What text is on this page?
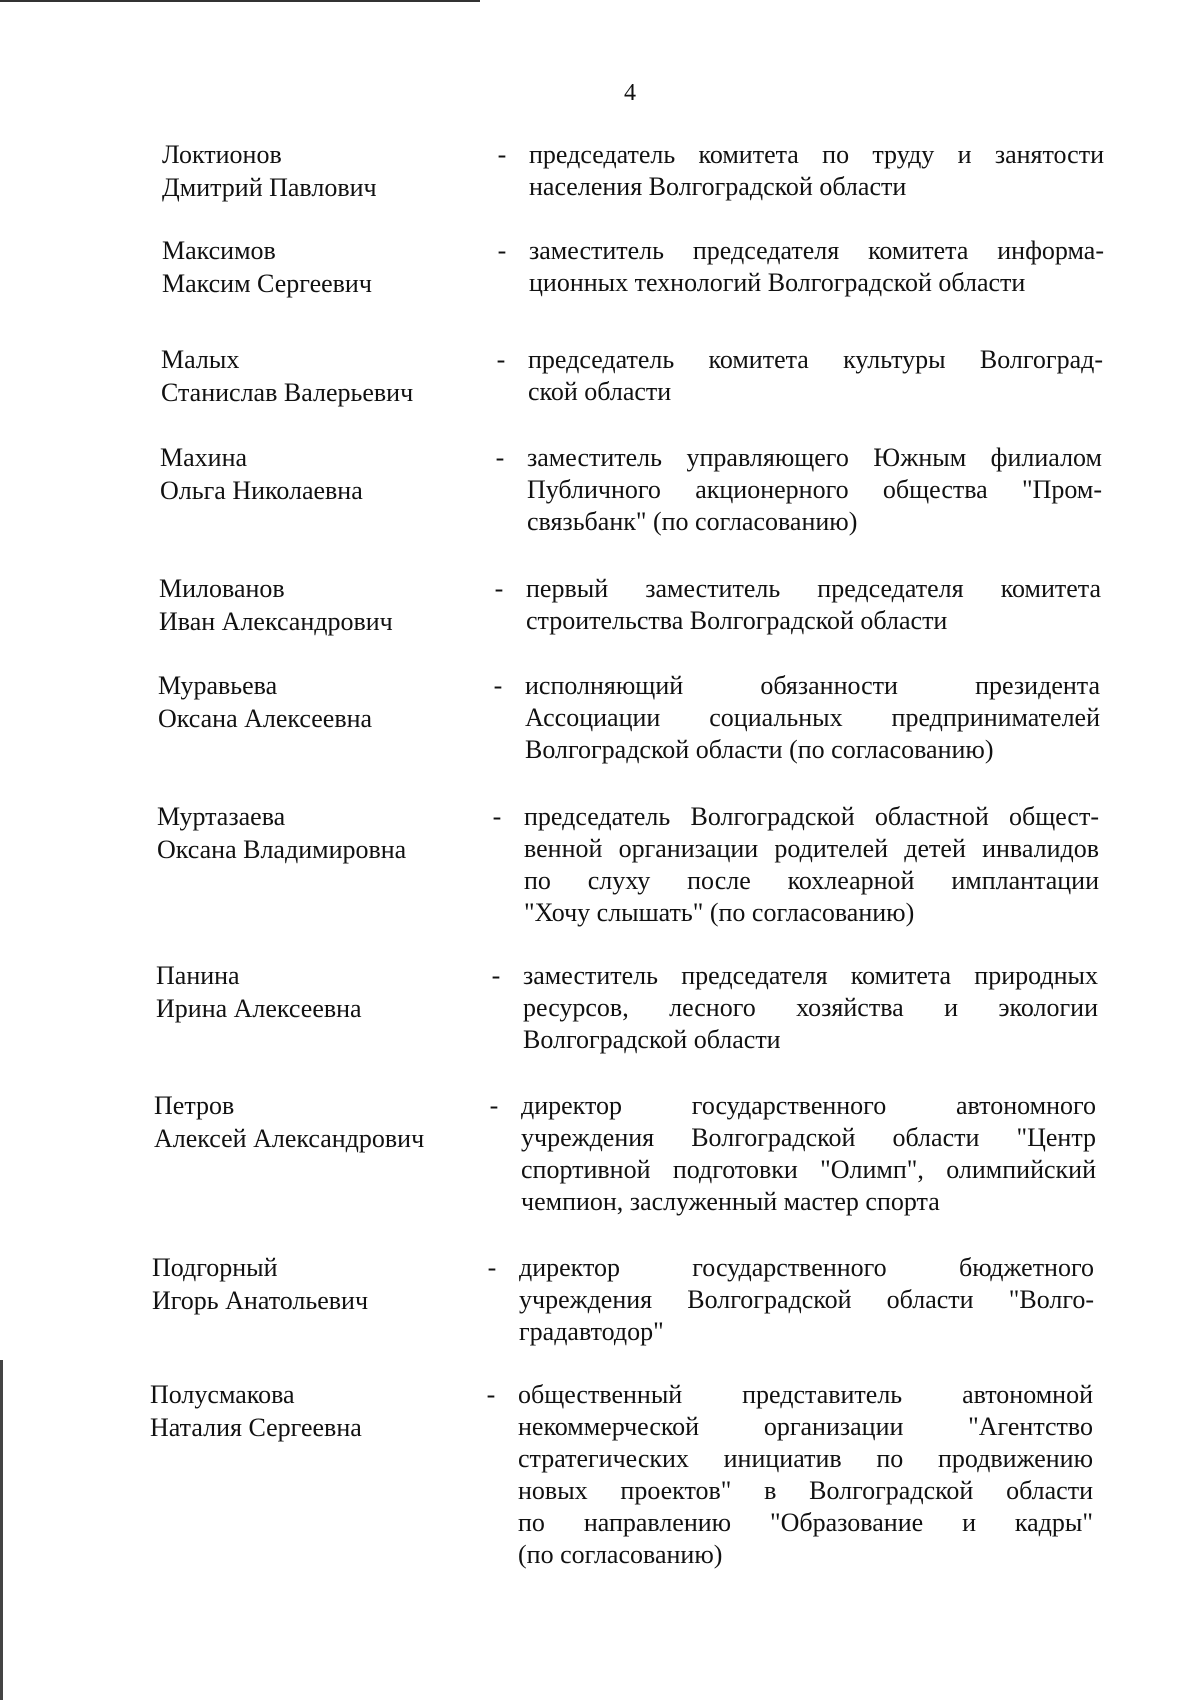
4
Локтионов
Дмитрий Павлович
- председатель комитета по труду и занятости
населения Волгоградской области
Максимов
Максим Сергеевич
- заместитель председателя комитета информа-
ционных технологий Волгоградской области
Малых
Станислав Валерьевич
- председатель комитета культуры Волгоград-
ской области
Махина
Ольга Николаевна
- заместитель управляющего Южным филиалом
Публичного акционерного общества "Пром-
связьбанк" (по согласованию)
Милованов
Иван Александрович
- первый заместитель председателя комитета
строительства Волгоградской области
Муравьева
Оксана Алексеевна
- исполняющий обязанности президента
Ассоциации социальных предпринимателей
Волгоградской области (по согласованию)
Муртазаева
Оксана Владимировна
- председатель Волгоградской областной общест-
венной организации родителей детей инвалидов
по слуху после кохлеарной имплантации
"Хочу слышать" (по согласованию)
Панина
Ирина Алексеевна
- заместитель председателя комитета природных
ресурсов, лесного хозяйства и экологии
Волгоградской области
Петров
Алексей Александрович
- директор государственного автономного
учреждения Волгоградской области "Центр
спортивной подготовки "Олимп", олимпийский
чемпион, заслуженный мастер спорта
Подгорный
Игорь Анатольевич
- директор государственного бюджетного
учреждения Волгоградской области "Волго-
градавтодор"
Полусмакова
Наталия Сергеевна
- общественный представитель автономной
некоммерческой организации "Агентство
стратегических инициатив по продвижению
новых проектов" в Волгоградской области
по направлению "Образование и кадры"
(по согласованию)
